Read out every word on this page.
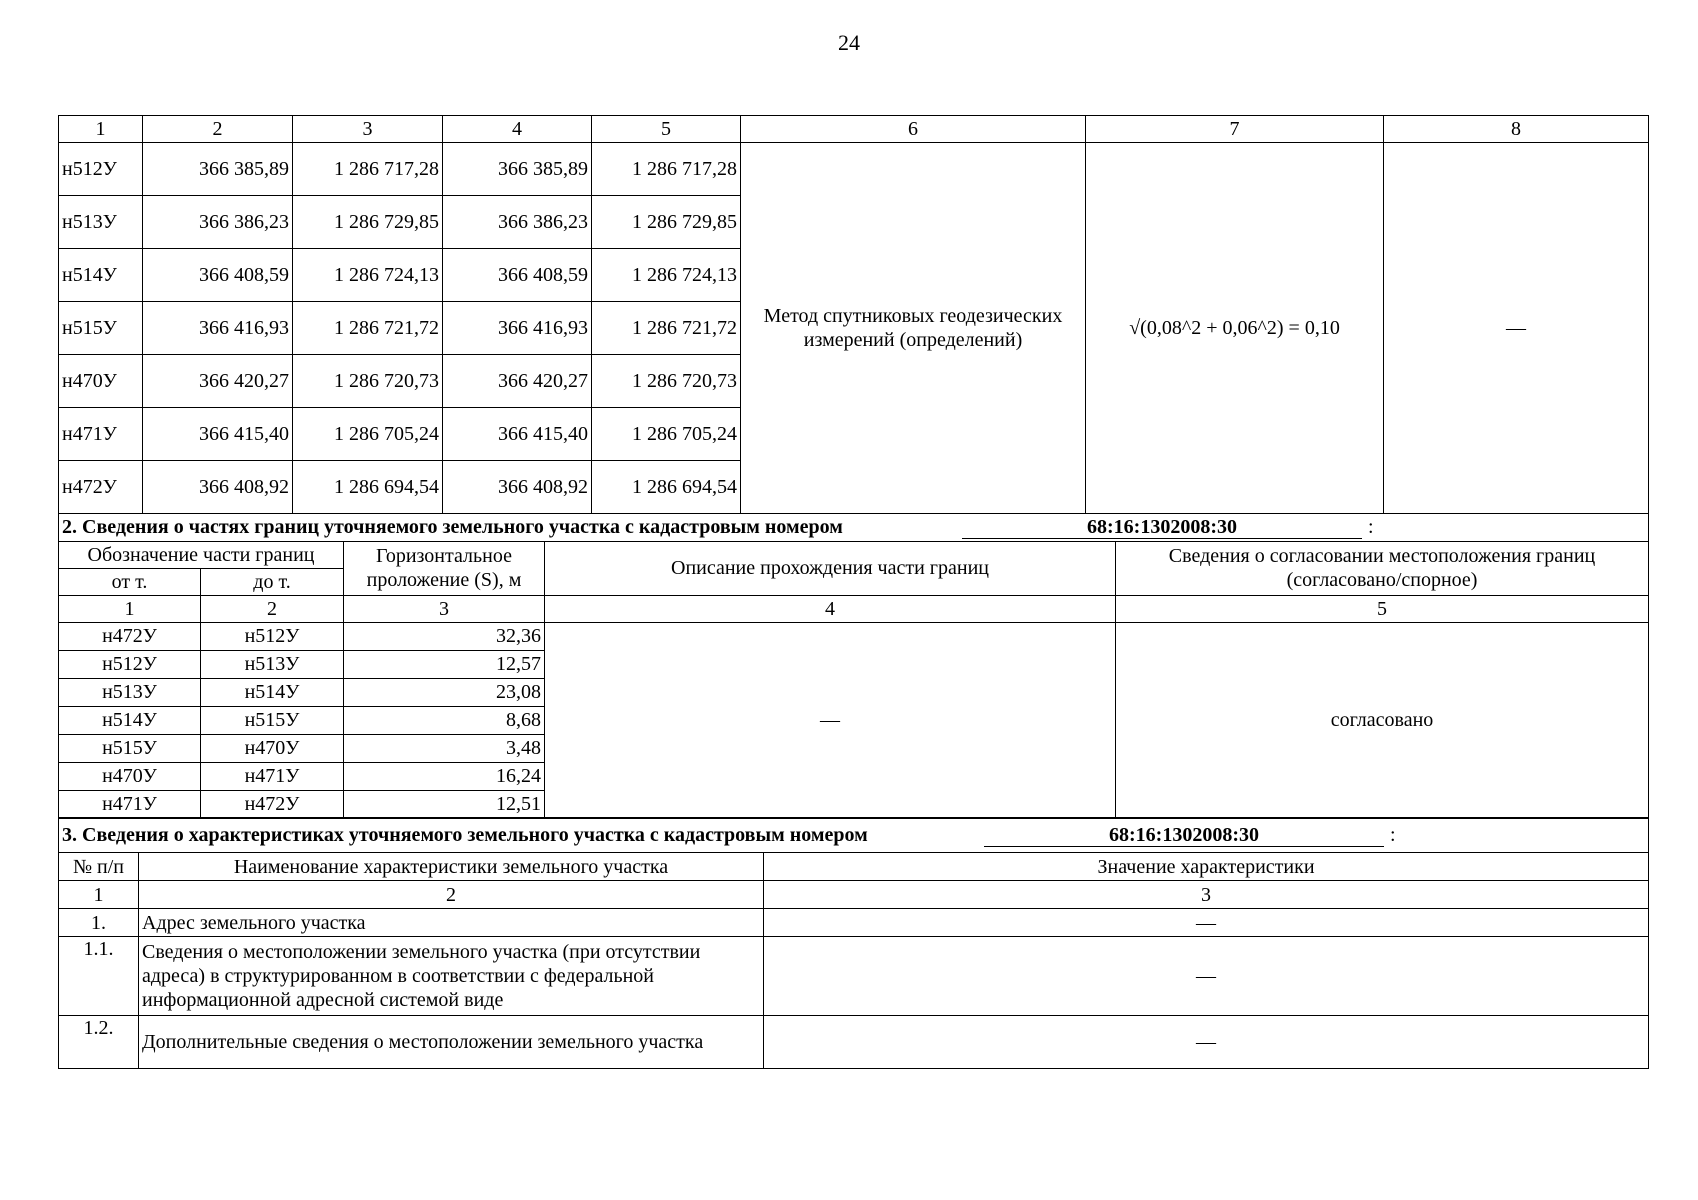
24
1	2	3	4	5	6	7	8
н512У	366 385,89	1 286 717,28	366 385,89	1 286 717,28	Метод спутниковых геодезических измерений (определений)	√(0,08^2 + 0,06^2) = 0,10	—
н513У	366 386,23	1 286 729,85	366 386,23	1 286 729,85			
н514У	366 408,59	1 286 724,13	366 408,59	1 286 724,13			
н515У	366 416,93	1 286 721,72	366 416,93	1 286 721,72			
н470У	366 420,27	1 286 720,73	366 420,27	1 286 720,73			
н471У	366 415,40	1 286 705,24	366 415,40	1 286 705,24			
н472У	366 408,92	1 286 694,54	366 408,92	1 286 694,54			
2. Сведения о частях границ уточняемого земельного участка с кадастровым номером 68:16:1302008:30 :				
Обозначение части границ		Горизонтальное проложение (S), м	Описание прохождения части границ	Сведения о согласовании местоположения границ (согласовано/спорное)
от т.	до т.			
1	2	3	4	5
н472У	н512У	32,36	—	согласовано
н512У	н513У	12,57		
н513У	н514У	23,08		
н514У	н515У	8,68		
н515У	н470У	3,48		
н470У	н471У	16,24		
н471У	н472У	12,51		
3. Сведения о характеристиках уточняемого земельного участка с кадастровым номером 68:16:1302008:30 :		
№ п/п	Наименование характеристики земельного участка	Значение характеристики
1	2	3
1.	Адрес земельного участка	—
1.1.	Сведения о местоположении земельного участка (при отсутствии адреса) в структурированном в соответствии с федеральной информационной адресной системой виде	—
1.2.	Дополнительные сведения о местоположении земельного участка	—
